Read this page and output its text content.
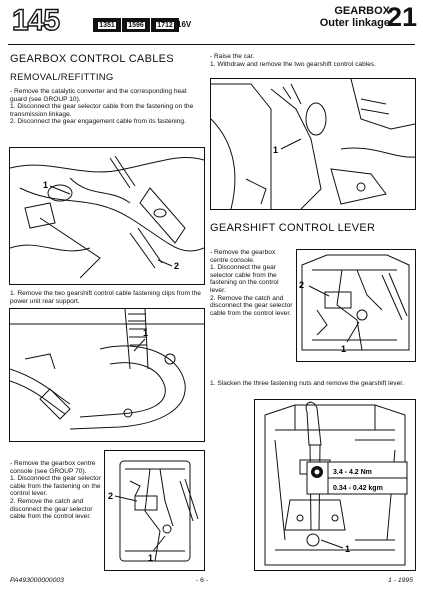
145	1351 1596 1712 16V
GEARBOX
Outer linkage
21
GEARBOX CONTROL CABLES
REMOVAL/REFITTING
- Remove the catalytic converter and the corresponding heat guard (see GROUP 10).
1. Disconnect the gear selector cable from the fastening on the transmission linkage.
2. Disconnect the gear engagement cable from its fastening.
1
2
1. Remove the two gearshift control cable fastening clips from the power unit rear support.
1
- Remove the gearbox centre console (see GROUP 70).
1. Disconnect the gear selector cable from the fastening on the control lever.
2. Remove the catch and disconnect the gear selector cable from the control lever.
2
1
- Raise the car.
1. Withdraw and remove the two gearshift control cables.
1
GEARSHIFT CONTROL LEVER
- Remove the gearbox centre console.
1. Disconnect the gear selector cable from the fastening on the control lever.
2. Remove the catch and disconnect the gear selector cable from the control lever.
2
1
1. Slacken the three fastening nuts and remove the gearshift lever.
3.4 - 4.2 Nm
0.34 - 0.42 kgm
1
PA493000000003	- 6 -	1 - 1995
